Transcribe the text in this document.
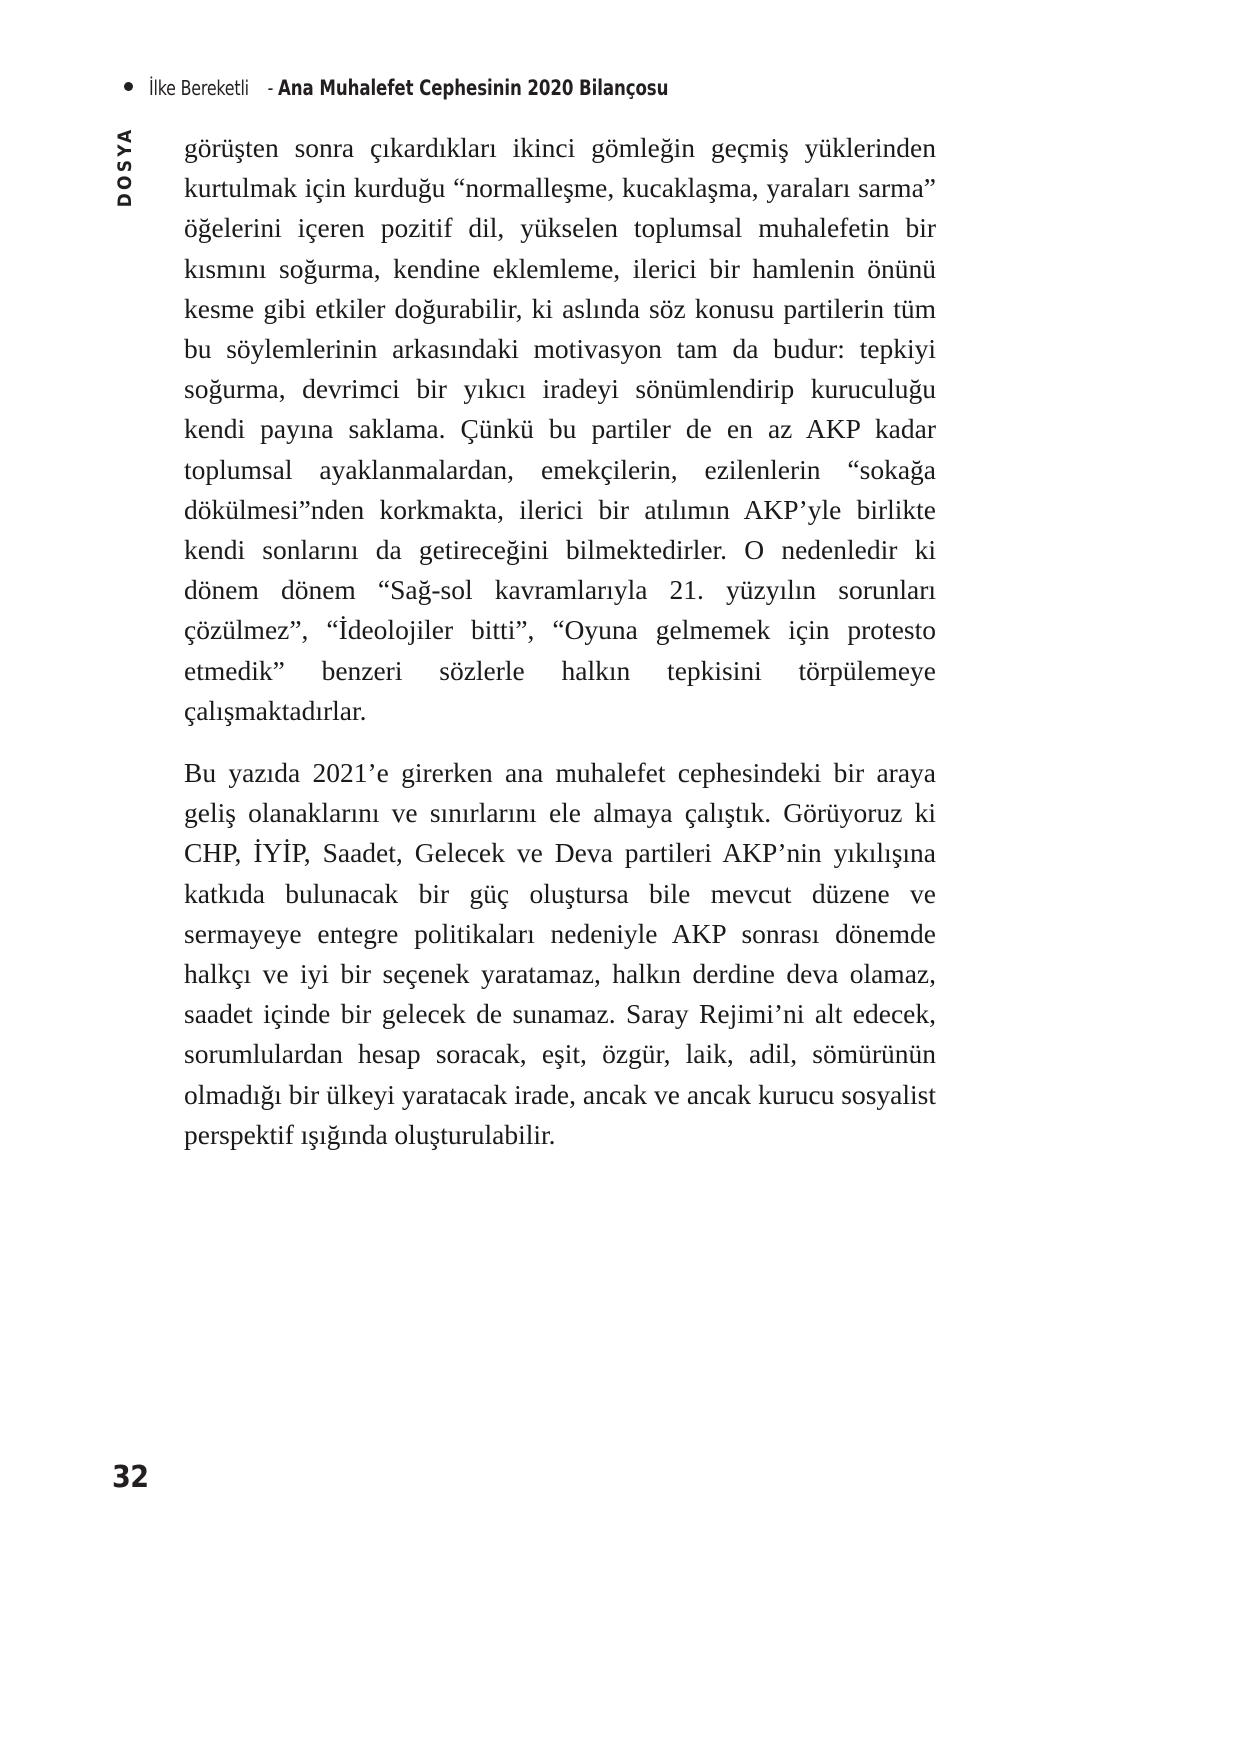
İlke Bereketli - Ana Muhalefet Cephesinin 2020 Bilançosu
DOSYA görüşten sonra çıkardıkları ikinci gömleğin geçmiş yüklerinden kurtulmak için kurduğu “normalleşme, kucaklaşma, yaraları sarma” öğelerini içeren pozitif dil, yükselen toplumsal muhalefetin bir kısmını soğurma, kendine eklemleme, ilerici bir hamlenin önünü kesme gibi etkiler doğurabilir, ki aslında söz konusu partilerin tüm bu söylemlerinin arkasındaki motivasyon tam da budur: tepkiyi soğurma, devrimci bir yıkıcı iradeyi sönümlendirip kuruculuğu kendi payına saklama. Çünkü bu partiler de en az AKP kadar toplumsal ayaklanmalardan, emekçilerin, ezilenlerin “sokağa dökülmesi”nden korkmakta, ilerici bir atılımın AKP’yle birlikte kendi sonlarını da getireceğini bilmektedirler. O nedenledir ki dönem dönem “Sağ-sol kavramlarıyla 21. yüzyılın sorunları çözülmez”, “İdeolojiler bitti”, “Oyuna gelmemek için protesto etmedik” benzeri sözlerle halkın tepkisini törpülemeye çalışmaktadırlar.

Bu yazıda 2021’e girerken ana muhalefet cephesindeki bir araya geliş olanaklarını ve sınırlarını ele almaya çalıştık. Görüyoruz ki CHP, İYİP, Saadet, Gelecek ve Deva partileri AKP’nin yıkılışına katkıda bulunacak bir güç oluştursa bile mevcut düzene ve sermayeye entegre politikaları nedeniyle AKP sonrası dönemde halkçı ve iyi bir seçenek yaratamaz, halkın derdine deva olamaz, saadet içinde bir gelecek de sunamaz. Saray Rejimi’ni alt edecek, sorumlulardan hesap soracak, eşit, özgür, laik, adil, sömürünün olmadığı bir ülkeyi yaratacak irade, ancak ve ancak kurucu sosyalist perspektif ışığında oluşturulabilir.

32
